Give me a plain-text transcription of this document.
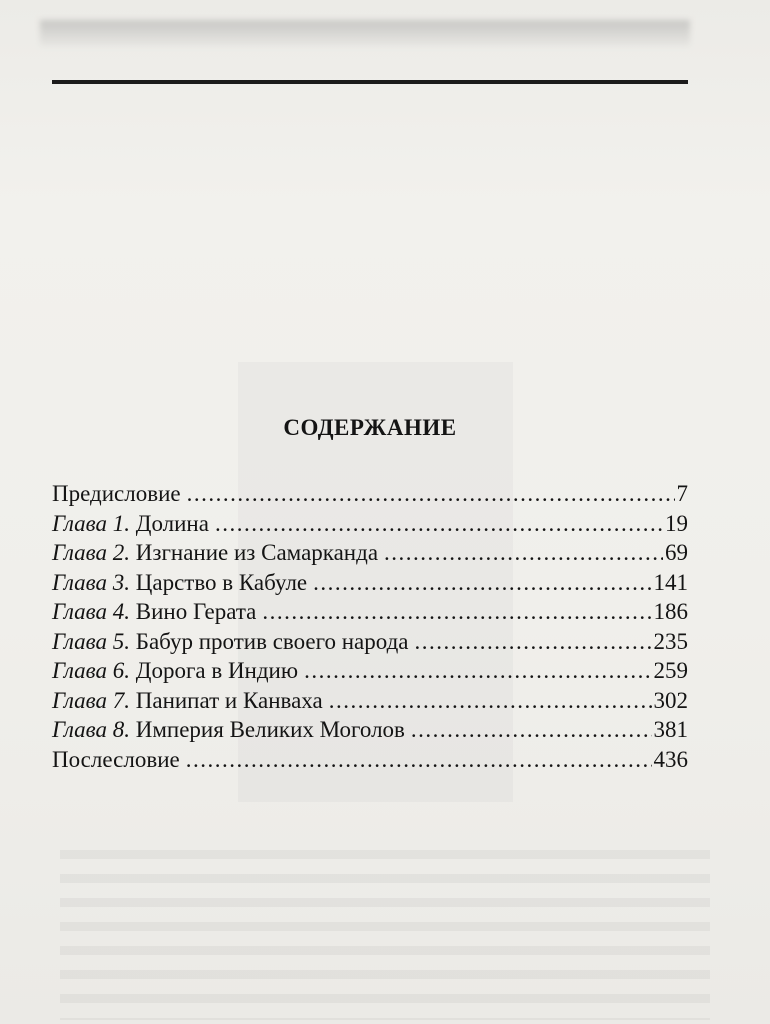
СОДЕРЖАНИЕ
Предисловие .....	7
Глава 1. Долина .....	19
Глава 2. Изгнание из Самарканда .....	69
Глава 3. Царство в Кабуле .....	141
Глава 4. Вино Герата .....	186
Глава 5. Бабур против своего народа .....	235
Глава 6. Дорога в Индию .....	259
Глава 7. Панипат и Канваха .....	302
Глава 8. Империя Великих Моголов .....	381
Послесловие .....	436
